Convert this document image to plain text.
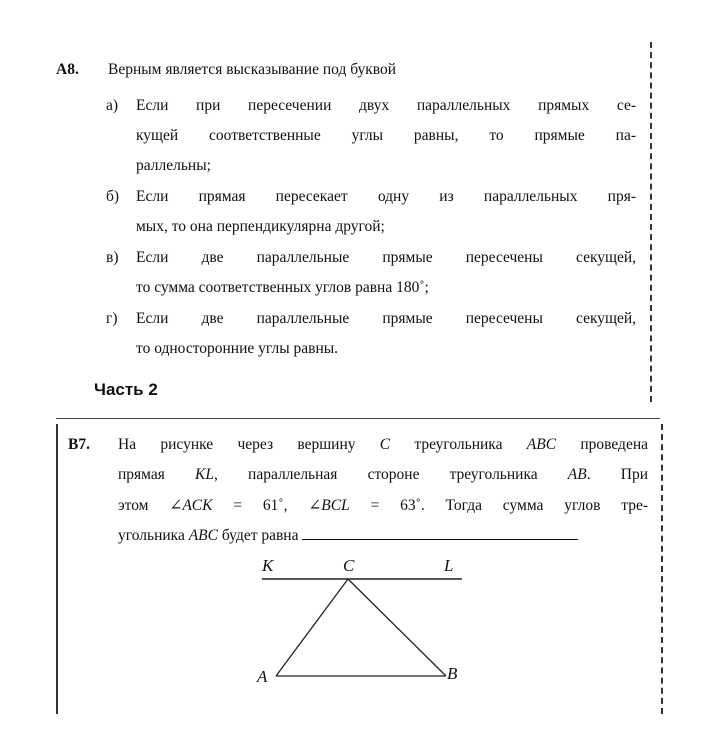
А8. Верным является высказывание под буквой
а) Если при пересечении двух параллельных прямых се-
кущей соответственные углы равны, то прямые па-
раллельны;
б) Если прямая пересекает одну из параллельных пря-
мых, то она перпендикулярна другой;
в) Если две параллельные прямые пересечены секущей,
то сумма соответственных углов равна 180˚;
г) Если две параллельные прямые пересечены секущей,
то односторонние углы равны.
Часть 2
В7. На рисунке через вершину C треугольника ABC проведена
прямая KL, параллельная стороне треугольника AB. При
этом ∠ACK = 61˚, ∠BCL = 63˚. Тогда сумма углов тре-
угольника ABC будет равна
K	C	L
A	B
